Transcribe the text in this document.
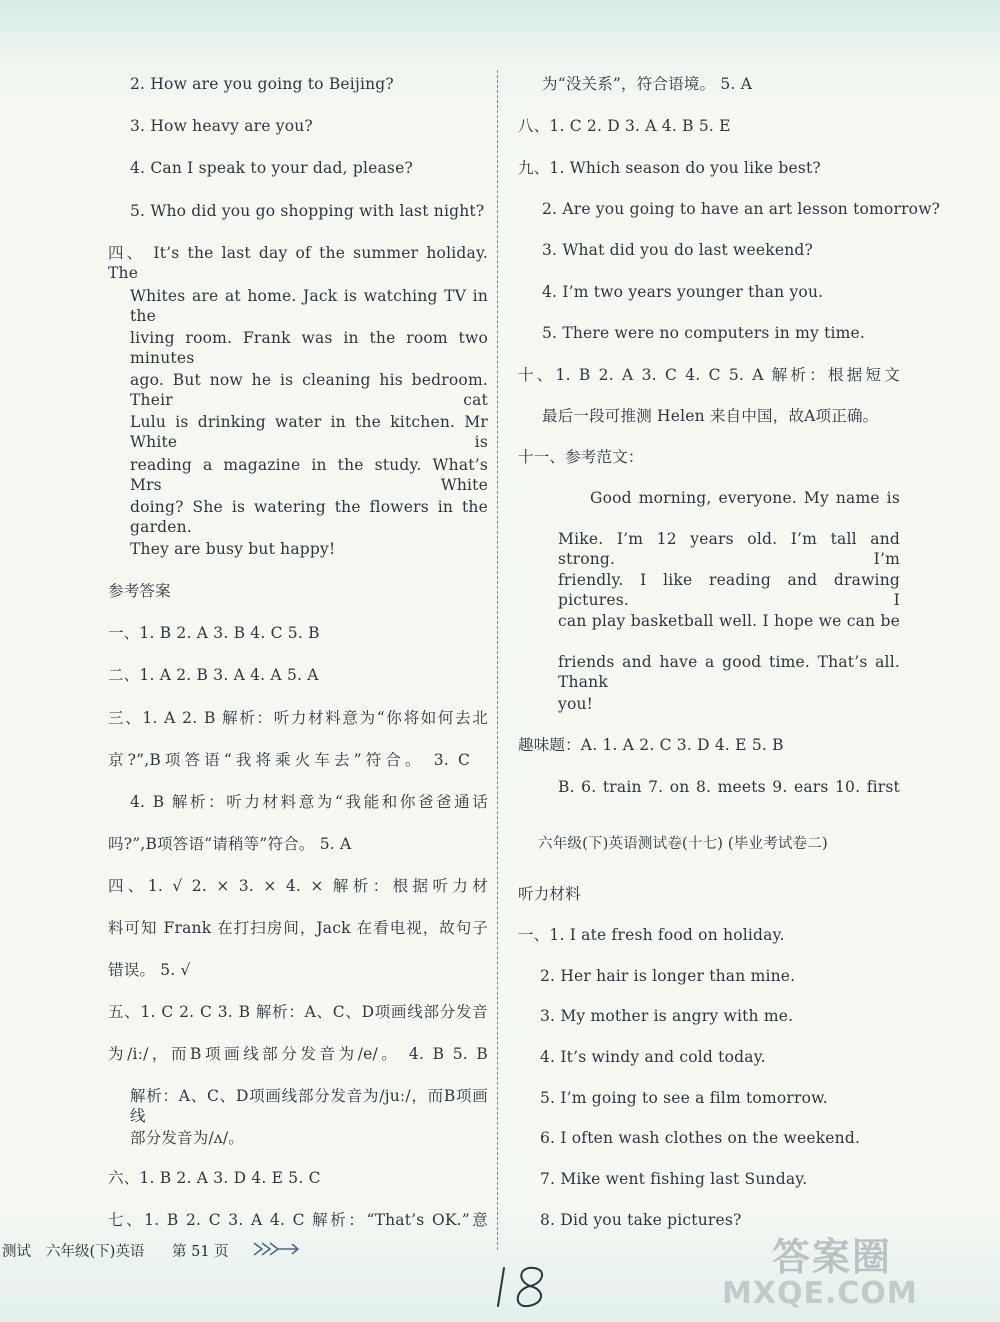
2. How are you going to Beijing?
3. How heavy are you?
4. Can I speak to your dad, please?
5. Who did you go shopping with last night?
四、 It’s the last day of the summer holiday. The
Whites are at home. Jack is watching TV in the
living room. Frank was in the room two minutes
ago. But now he is cleaning his bedroom. Their cat
Lulu is drinking water in the kitchen. Mr White is
reading a magazine in the study. What’s Mrs White
doing? She is watering the flowers in the garden.
They are busy but happy!
参考答案
一、1. B 2. A 3. B 4. C 5. B
二、1. A 2. B 3. A 4. A 5. A
三、1. A 2. B 解析：听力材料意为“你将如何去北
京?”,B项答语“我将乘火车去”符合。 3. C
4. B 解析：听力材料意为“我能和你爸爸通话
吗?”,B项答语“请稍等”符合。 5. A
四、1. √ 2. × 3. × 4. × 解析：根据听力材
料可知 Frank 在打扫房间，Jack 在看电视，故句子
错误。 5. √
五、1. C 2. C 3. B 解析：A、C、D项画线部分发音
为/iː/，而B项画线部分发音为/e/。 4. B 5. B
解析：A、C、D项画线部分发音为/juː/，而B项画线
部分发音为/ʌ/。
六、1. B 2. A 3. D 4. E 5. C
七、1. B 2. C 3. A 4. C 解析：“That’s OK.”意
为“没关系”，符合语境。 5. A
八、1. C 2. D 3. A 4. B 5. E
九、1. Which season do you like best?
2. Are you going to have an art lesson tomorrow?
3. What did you do last weekend?
4. I’m two years younger than you.
5. There were no computers in my time.
十、1. B 2. A 3. C 4. C 5. A 解析：根据短文
最后一段可推测 Helen 来自中国，故A项正确。
十一、参考范文：
Good morning, everyone. My name is
Mike. I’m 12 years old. I’m tall and strong. I’m
friendly. I like reading and drawing pictures. I
can play basketball well. I hope we can be
friends and have a good time. That’s all. Thank
you!
趣味题：A. 1. A 2. C 3. D 4. E 5. B
B. 6. train 7. on 8. meets 9. ears 10. first
六年级(下)英语测试卷(十七) (毕业考试卷二)
听力材料
一、1. I ate fresh food on holiday.
2. Her hair is longer than mine.
3. My mother is angry with me.
4. It’s windy and cold today.
5. I’m going to see a film tomorrow.
6. I often wash clothes on the weekend.
7. Mike went fishing last Sunday.
8. Did you take pictures?
测试 六年级(下)英语 第 51 页	答案圈
MXQE.COM
